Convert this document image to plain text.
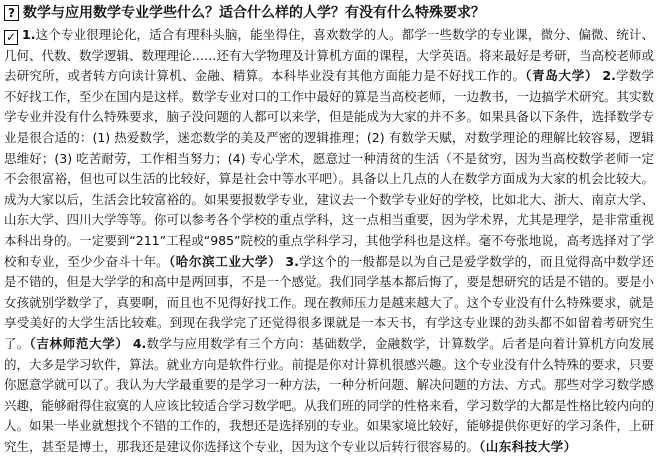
? 数学与应用数学专业学些什么？适合什么样的人学？有没有什么特殊要求？
✓ 1.这个专业很理论化，适合有理科头脑，能坐得住，喜欢数学的人。都学一些数学的专业课，微分、偏微、统计、几何、代数、数学逻辑、数理理论……还有大学物理及计算机方面的课程，大学英语。将来最好是考研，当高校老师或去研究所，或者转方向读计算机、金融、精算。本科毕业没有其他方面能力是不好找工作的。（青岛大学） 2.学数学不好找工作，至少在国内是这样。数学专业对口的工作中最好的算是当高校老师，一边教书，一边搞学术研究。其实数学专业并没有什么特殊要求，脑子没问题的人都可以来学，但是能成为大家的并不多。如果具备以下条件，选择数学专业是很合适的：(1) 热爱数学，迷恋数学的美及严密的逻辑推理；(2) 有数学天赋，对数学理论的理解比较容易，逻辑思维好；(3) 吃苦耐劳，工作相当努力；(4) 专心学术，愿意过一种清贫的生活（不是贫穷，因为当高校数学老师一定不会很富裕，但也可以生活的比较好，算是社会中等水平吧）。具备以上几点的人在数学方面成为大家的机会比较大。成为大家以后，生活会比较富裕的。如果要报数学专业，建议去一个数学专业好的学校，比如北大、浙大、南京大学、山东大学、四川大学等等。你可以参考各个学校的重点学科，这一点相当重要，因为学术界，尤其是理学，是非常重视本科出身的。一定要到“211”工程或“985”院校的重点学科学习，其他学科也是这样。毫不夸张地说，高考选择对了学校和专业，至少少奋斗十年。（哈尔滨工业大学） 3.学这个的一般都是以为自己是爱学数学的，而且觉得高中数学还是不错的，但是大学学的和高中是两回事，不是一个感觉。我们同学基本都后悔了，要是想研究的话是不错的。要是小女孩就别学数学了，真要啊，而且也不见得好找工作。现在教师压力是越来越大了。这个专业没有什么特殊要求，就是享受美好的大学生活比较难。到现在我学完了还觉得很多课就是一本天书，有学这专业课的劲头都不如留着考研究生了。（吉林师范大学） 4.数学与应用数学有三个方向：基础数学，金融数学，计算数学。后者是向着计算机方向发展的，大多是学习软件，算法。就业方向是软件行业。前提是你对计算机很感兴趣。这个专业没有什么特殊的要求，只要你愿意学就可以了。我认为大学最重要的是学习一种方法，一种分析问题、解决问题的方法、方式。那些对学习数学感兴趣，能够耐得住寂寞的人应该比较适合学习数学吧。从我们班的同学的性格来看，学习数学的大都是性格比较内向的人。如果一毕业就想找个不错的工作的，我想还是选择别的专业。如果家境比较好，能够提供你更好的学习条件，上研究生，甚至是博士，那我还是建议你选择这个专业，因为这个专业以后转行很容易的。（山东科技大学）
